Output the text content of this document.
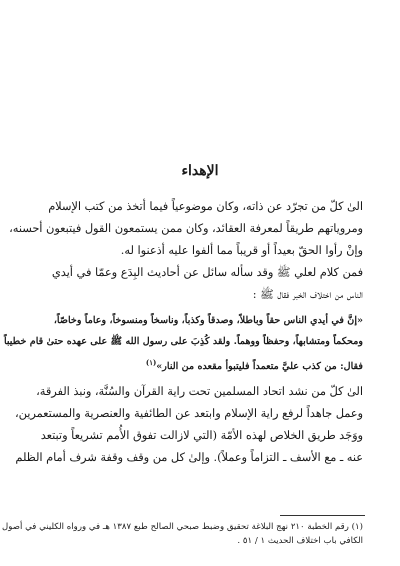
الإهداء

الىٰ كلّ من تجرّد عن ذاته، وكان موضوعياً فيما أتخذ من كتب الإسلام

ومروياتهم طريقاً لمعرفة العقائد، وكان ممن يستمعون القول فيتبعون أحسنه،

وإنْ رأوا الحقّ بعيداً أو قريباً مما ألفوا عليه أذعنوا له.

فمن كلام لعلي ﷺ وقد سأله سائل عن أحاديث البِدَع وعمّا في أيدي

الناس من اختلاف الخبر فقال ﷺ :

«إنَّ في أيدي الناس حقاً وباطلاً، وصدقاً وكذباً، وناسخاً ومنسوخاً، وعاماً وخاصّاً،

ومحكماً ومتشابهاً، وحفظاً ووهماً. ولقد كُذِبَ على رسول الله ﷺ على عهده حتىٰ قام خطيباً

فقال: من كذب عليَّ متعمداً فليتبوأ مقعده من النار»$^{(١)}$

الىٰ كلّ من نشد اتحاد المسلمين تحت راية القرآن والسُنَّة، ونبذ الفرقة،

وعمل جاهداً لرفع راية الإسلام وابتعد عن الطائفية والعنصرية والمستعمرين،

ووَجَد طريق الخلاص لهذه الأمّة (التي لازالت تفوق الأُمم تشريعاً وتبتعد

عنه ـ مع الأسف ـ التزاماً وعملاً). وإلىٰ كل من وقف وقفة شرف أمام الظلم

(١) رقم الخطبة ٢١٠ نهج البلاغة تحقيق وضبط صبحي الصالح طبع ١٣٨٧ هـ في ورواه الكليني في أصول
الكافي باب اختلاف الحديث ١ / ٥١ .
